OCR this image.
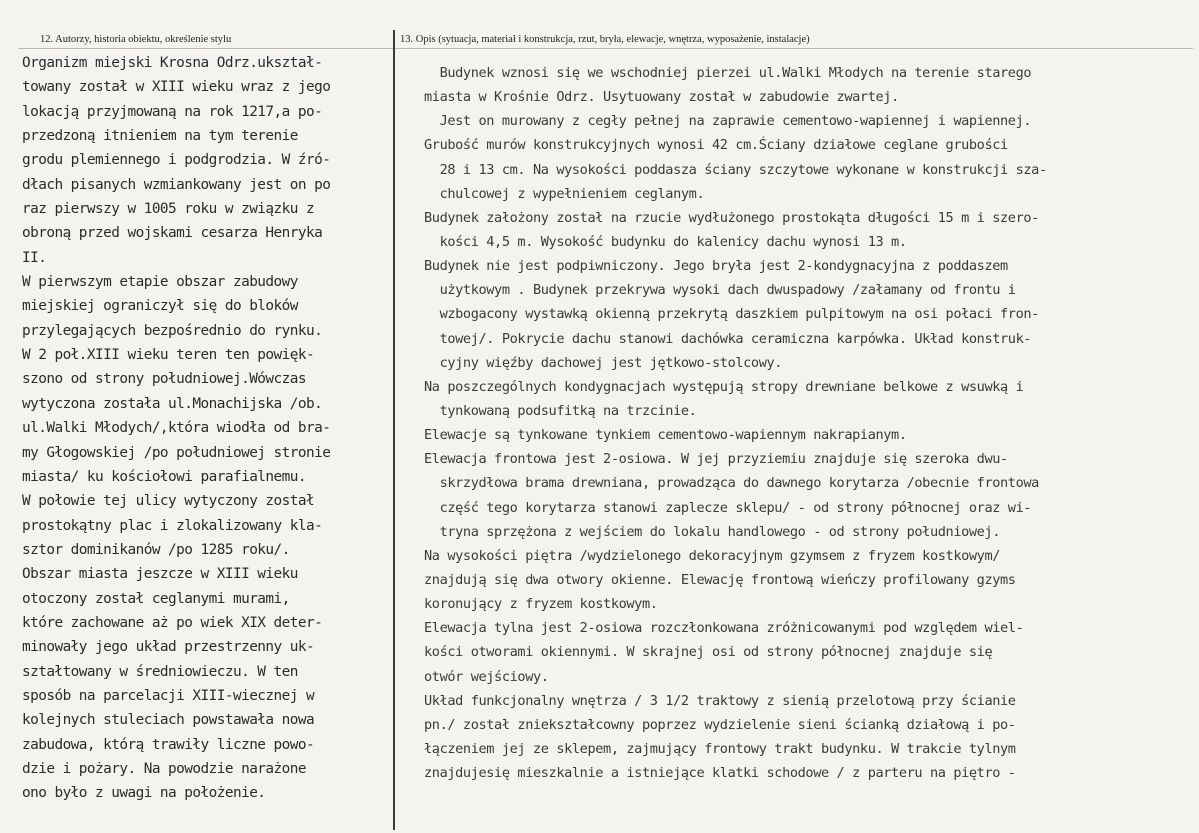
12. Autorzy, historia obiektu, określenie stylu	13. Opis (sytuacja, materiał i konstrukcja, rzut, bryła, elewacje, wnętrza, wyposażenie, instalacje)
Organizm miejski Krosna Odrz.ukształ-
towany został w XIII wieku wraz z jego
lokacją przyjmowaną na rok 1217,a po-
przedzoną itnieniem na tym terenie
grodu plemiennego i podgrodzia. W źró-
dłach pisanych wzmiankowany jest on po
raz pierwszy w 1005 roku w związku z
obroną przed wojskami cesarza Henryka
II.
W pierwszym etapie obszar zabudowy
miejskiej ograniczył się do bloków
przylegających bezpośrednio do rynku.
W 2 poł.XIII wieku teren ten powięk-
szono od strony południowej.Wówczas
wytyczona została ul.Monachijska /ob.
ul.Walki Młodych/,która wiodła od bra-
my Głogowskiej /po południowej stronie
miasta/ ku kościołowi parafialnemu.
W połowie tej ulicy wytyczony został
prostokątny plac i zlokalizowany kla-
sztor dominikanów /po 1285 roku/.
Obszar miasta jeszcze w XIII wieku
otoczony został ceglanymi murami,
które zachowane aż po wiek XIX deter-
minowały jego układ przestrzenny uk-
ształtowany w średniowieczu. W ten
sposób na parcelacji XIII-wiecznej w
kolejnych stuleciach powstawała nowa
zabudowa, którą trawiły liczne powo-
dzie i pożary. Na powodzie narażone
ono było z uwagi na położenie.
Budynek wznosi się we wschodniej pierzei ul.Walki Młodych na terenie starego
miasta w Krośnie Odrz. Usytuowany został w zabudowie zwartej.
Jest on murowany z cegły pełnej na zaprawie cementowo-wapiennej i wapiennej.
Grubość murów konstrukcyjnych wynosi 42 cm.Ściany działowe ceglane grubości
28 i 13 cm. Na wysokości poddasza ściany szczytowe wykonane w konstrukcji sza-
chulcowej z wypełnieniem ceglanym.
Budynek założony został na rzucie wydłużonego prostokąta długości 15 m i szero-
kości 4,5 m. Wysokość budynku do kalenicy dachu wynosi 13 m.
Budynek nie jest podpiwniczony. Jego bryła jest 2-kondygnacyjna z poddaszem
użytkowym . Budynek przekrywa wysoki dach dwuspadowy /załamany od frontu i
wzbogacony wystawką okienną przekrytą daszkiem pulpitowym na osi połaci fron-
towej/. Pokrycie dachu stanowi dachówka ceramiczna karpówka. Układ konstruk-
cyjny więźby dachowej jest jętkowo-stolcowy.
Na poszczególnych kondygnacjach występują stropy drewniane belkowe z wsuwką i
tynkowaną podsufitką na trzcinie.
Elewacje są tynkowane tynkiem cementowo-wapiennym nakrapianym.
Elewacja frontowa jest 2-osiowa. W jej przyziemiu znajduje się szeroka dwu-
skrzydłowa brama drewniana, prowadząca do dawnego korytarza /obecnie frontowa
część tego korytarza stanowi zaplecze sklepu/ - od strony północnej oraz wi-
tryna sprzężona z wejściem do lokalu handlowego - od strony południowej.
Na wysokości piętra /wydzielonego dekoracyjnym gzymsem z fryzem kostkowym/
znajdują się dwa otwory okienne. Elewację frontową wieńczy profilowany gzyms
koronujący z fryzem kostkowym.
Elewacja tylna jest 2-osiowa rozczłonkowana zróżnicowanymi pod względem wiel-
kości otworami okiennymi. W skrajnej osi od strony północnej znajduje się
otwór wejściowy.
Układ funkcjonalny wnętrza / 3 1/2 traktowy z sienią przelotową przy ścianie
pn./ został zniekształcowny poprzez wydzielenie sieni ścianką działową i po-
łączeniem jej ze sklepem, zajmujący frontowy trakt budynku. W trakcie tylnym
znajdujesię mieszkalnie a istniejące klatki schodowe / z parteru na piętro -
